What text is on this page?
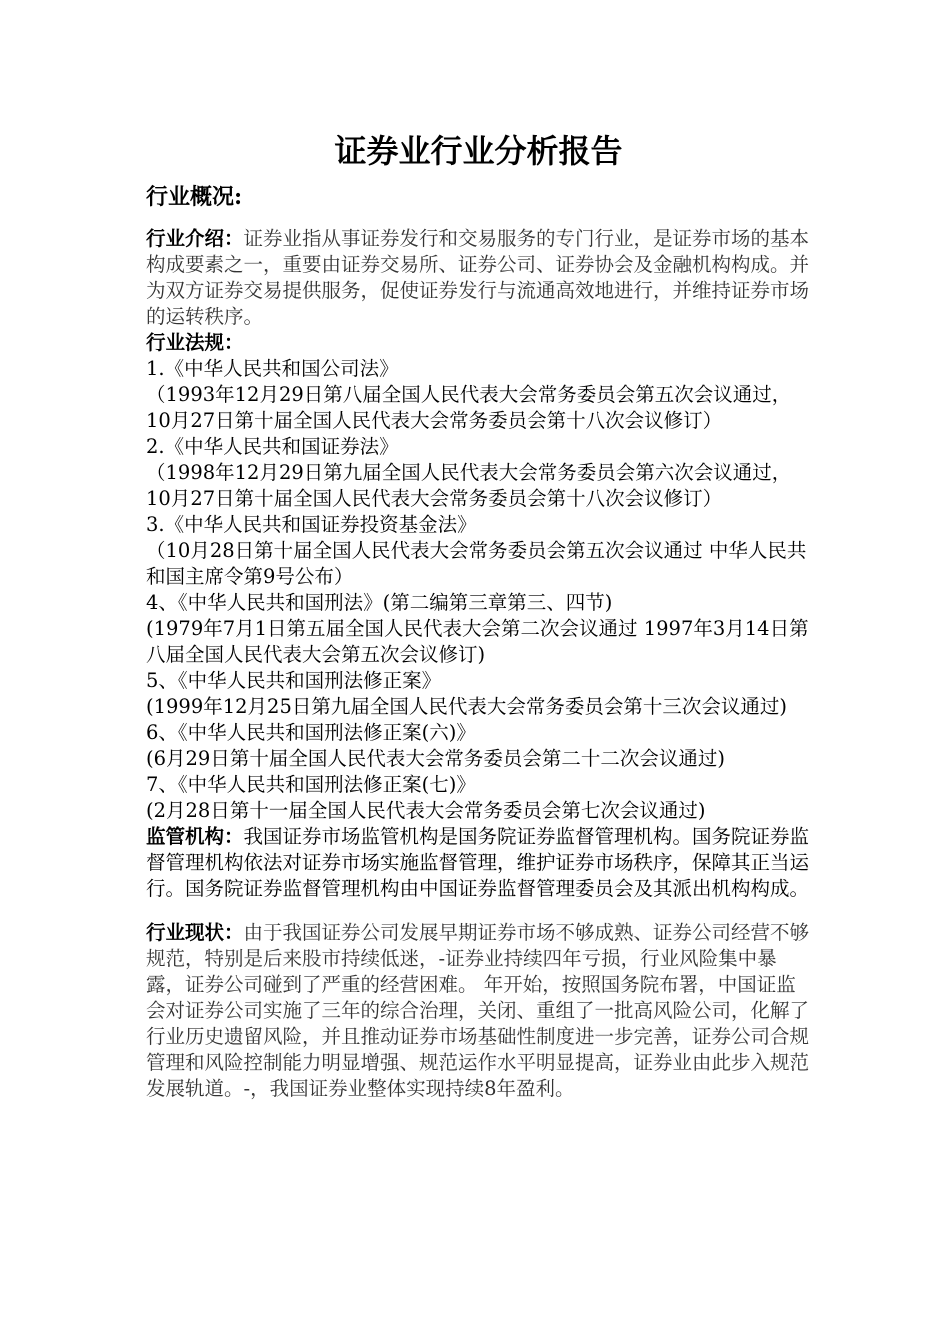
证券业行业分析报告
行业概况:

行业介绍：证券业指从事证券发行和交易服务的专门行业，是证券市场的基本构成要素之一，重要由证券交易所、证券公司、证券协会及金融机构构成。并为双方证券交易提供服务，促使证券发行与流通高效地进行，并维持证券市场的运转秩序。

行业法规：

1.《中华人民共和国公司法》

（1993年12月29日第八届全国人民代表大会常务委员会第五次会议通过，10月27日第十届全国人民代表大会常务委员会第十八次会议修订）

2.《中华人民共和国证券法》

（1998年12月29日第九届全国人民代表大会常务委员会第六次会议通过，10月27日第十届全国人民代表大会常务委员会第十八次会议修订）

3.《中华人民共和国证券投资基金法》

（10月28日第十届全国人民代表大会常务委员会第五次会议通过 中华人民共和国主席令第9号公布）

4、《中华人民共和国刑法》(第二编第三章第三、四节)

(1979年7月1日第五届全国人民代表大会第二次会议通过 1997年3月14日第八届全国人民代表大会第五次会议修订)

5、《中华人民共和国刑法修正案》

(1999年12月25日第九届全国人民代表大会常务委员会第十三次会议通过)

6、《中华人民共和国刑法修正案(六)》

(6月29日第十届全国人民代表大会常务委员会第二十二次会议通过)

7、《中华人民共和国刑法修正案(七)》

(2月28日第十一届全国人民代表大会常务委员会第七次会议通过)

监管机构：我国证券市场监管机构是国务院证券监督管理机构。国务院证券监督管理机构依法对证券市场实施监督管理，维护证券市场秩序，保障其正当运行。国务院证券监督管理机构由中国证券监督管理委员会及其派出机构构成。

行业现状：由于我国证券公司发展早期证券市场不够成熟、证券公司经营不够规范，特别是后来股市持续低迷，-证券业持续四年亏损，行业风险集中暴露，证券公司碰到了严重的经营困难。 年开始，按照国务院布署，中国证监会对证券公司实施了三年的综合治理，关闭、重组了一批高风险公司，化解了行业历史遗留风险，并且推动证券市场基础性制度进一步完善，证券公司合规管理和风险控制能力明显增强、规范运作水平明显提高，证券业由此步入规范发展轨道。-，我国证券业整体实现持续8年盈利。
